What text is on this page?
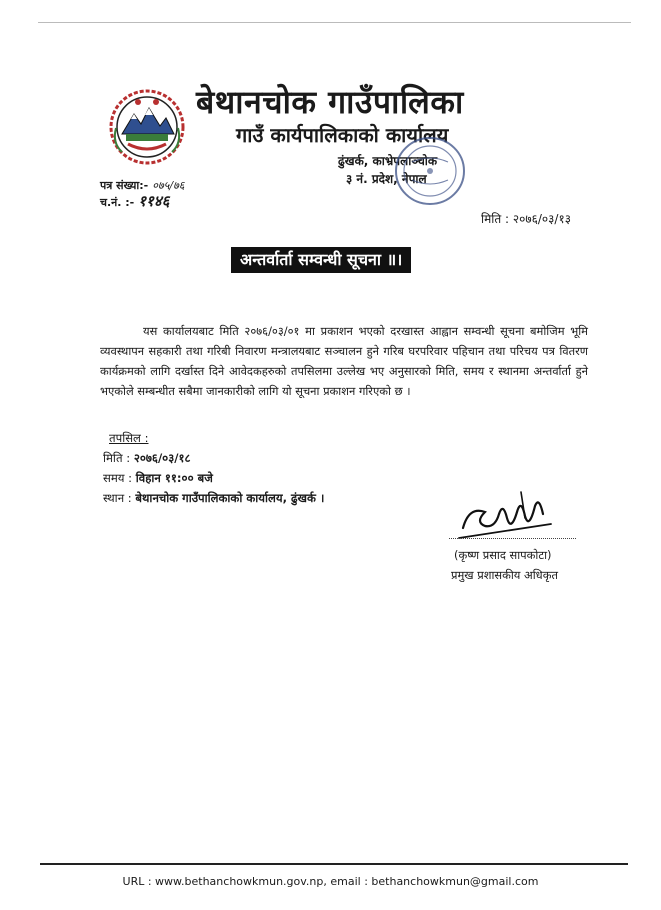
बेथानचोक गाउँपालिका
गाउँ कार्यपालिकाको कार्यालय
ढुंखर्क, काभ्रेपलाञ्चोक
३ नं. प्रदेश, नेपाल
पत्र संख्या:- ०७५/७६
च.नं. :- ११४६
मिति : २०७६/०३/१३
अन्तर्वार्ता सम्वन्धी सूचना ॥।
यस कार्यालयबाट मिति २०७६/०३/०१ मा प्रकाशन भएको दरखास्त आह्वान सम्वन्धी सूचना बमोजिम भूमि व्यवस्थापन सहकारी तथा गरिबी निवारण मन्त्रालयबाट सञ्चालन हुने गरिब घरपरिवार पहिचान तथा परिचय पत्र वितरण कार्यक्रमको लागि दर्खास्त दिने आवेदकहरुको तपसिलमा उल्लेख भए अनुसारको मिति, समय र स्थानमा अन्तर्वार्ता हुने भएकोले सम्बन्धीत सबैमा जानकारीको लागि यो सूचना प्रकाशन गरिएको छ ।
तपसिल :
मिति : २०७६/०३/१८
समय : विहान ११:०० बजे
स्थान : बेथानचोक गाउँपालिकाको कार्यालय, ढुंखर्क ।
(कृष्ण प्रसाद सापकोटा)
प्रमुख प्रशासकीय अधिकृत
URL : www.bethanchowkmun.gov.np, email : bethanchowkmun@gmail.com
